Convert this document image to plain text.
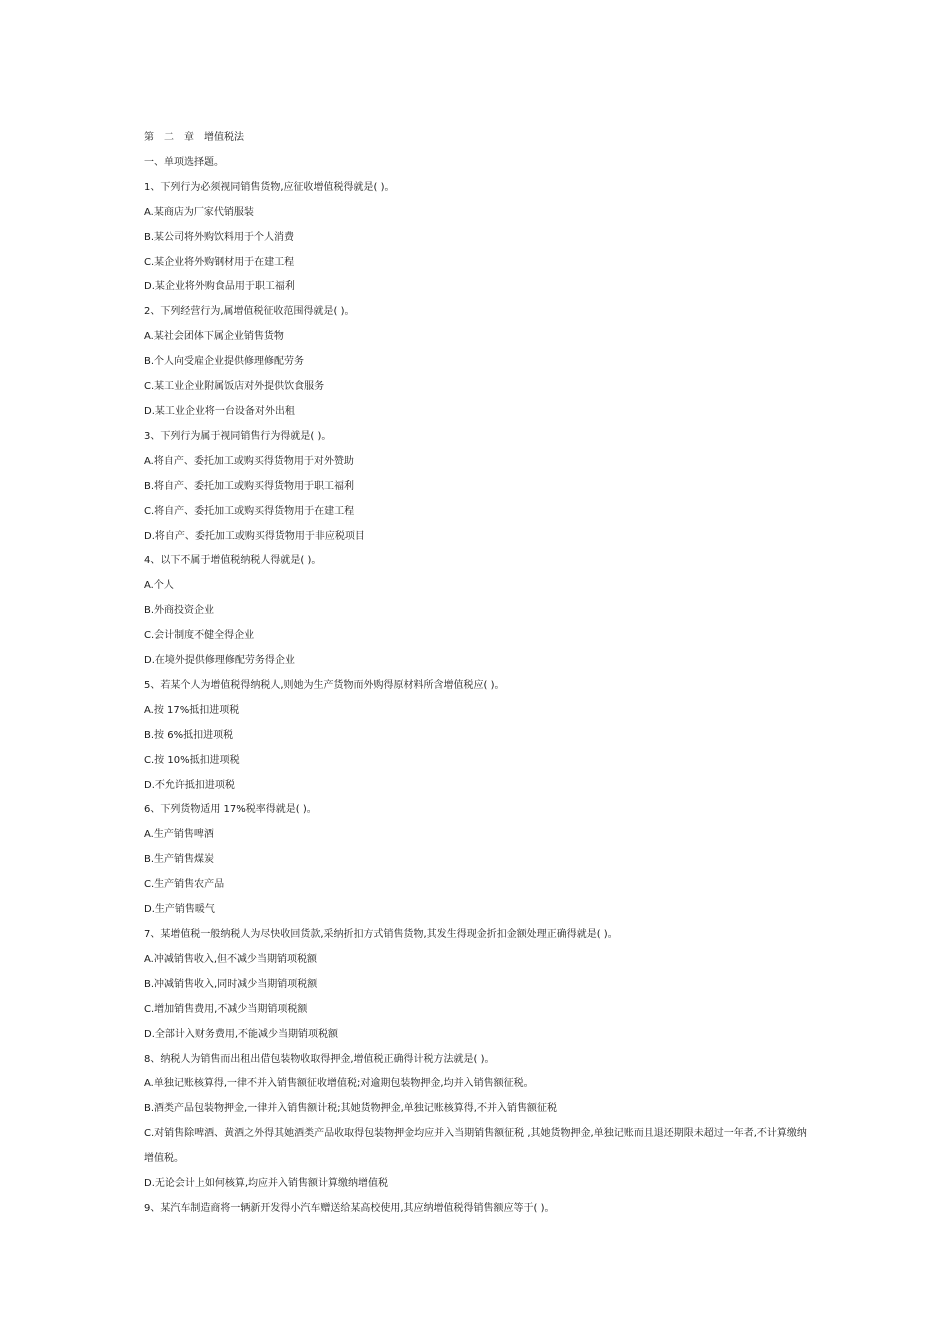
第　二　章　增值税法
一、单项选择题。
1、下列行为必须视同销售货物,应征收增值税得就是( )。
A.某商店为厂家代销服装
B.某公司将外购饮料用于个人消费
C.某企业将外购钢材用于在建工程
D.某企业将外购食品用于职工福利
2、下列经营行为,属增值税征收范围得就是( )。
A.某社会团体下属企业销售货物
B.个人向受雇企业提供修理修配劳务
C.某工业企业附属饭店对外提供饮食服务
D.某工业企业将一台设备对外出租
3、下列行为属于视同销售行为得就是( )。
A.将自产、委托加工或购买得货物用于对外赞助
B.将自产、委托加工或购买得货物用于职工福利
C.将自产、委托加工或购买得货物用于在建工程
D.将自产、委托加工或购买得货物用于非应税项目
4、以下不属于增值税纳税人得就是( )。
A.个人
B.外商投资企业
C.会计制度不健全得企业
D.在境外提供修理修配劳务得企业
5、若某个人为增值税得纳税人,则她为生产货物而外购得原材料所含增值税应( )。
A.按 17%抵扣进项税
B.按 6%抵扣进项税
C.按 10%抵扣进项税
D.不允许抵扣进项税
6、下列货物适用 17%税率得就是( )。
A.生产销售啤酒
B.生产销售煤炭
C.生产销售农产品
D.生产销售暖气
7、某增值税一般纳税人为尽快收回货款,采纳折扣方式销售货物,其发生得现金折扣金额处理正确得就是( )。
A.冲减销售收入,但不减少当期销项税额
B.冲减销售收入,同时减少当期销项税额
C.增加销售费用,不减少当期销项税额
D.全部计入财务费用,不能减少当期销项税额
8、纳税人为销售而出租出借包装物收取得押金,增值税正确得计税方法就是( )。
A.单独记账核算得,一律不并入销售额征收增值税;对逾期包装物押金,均并入销售额征税。
B.酒类产品包装物押金,一律并入销售额计税;其她货物押金,单独记账核算得,不并入销售额征税
C.对销售除啤酒、黄酒之外得其她酒类产品收取得包装物押金均应并入当期销售额征税 ,其她货物押金,单独记账而且退还期限未超过一年者,不计算缴纳增值税。
D.无论会计上如何核算,均应并入销售额计算缴纳增值税
9、某汽车制造商将一辆新开发得小汽车赠送给某高校使用,其应纳增值税得销售额应等于( )。
